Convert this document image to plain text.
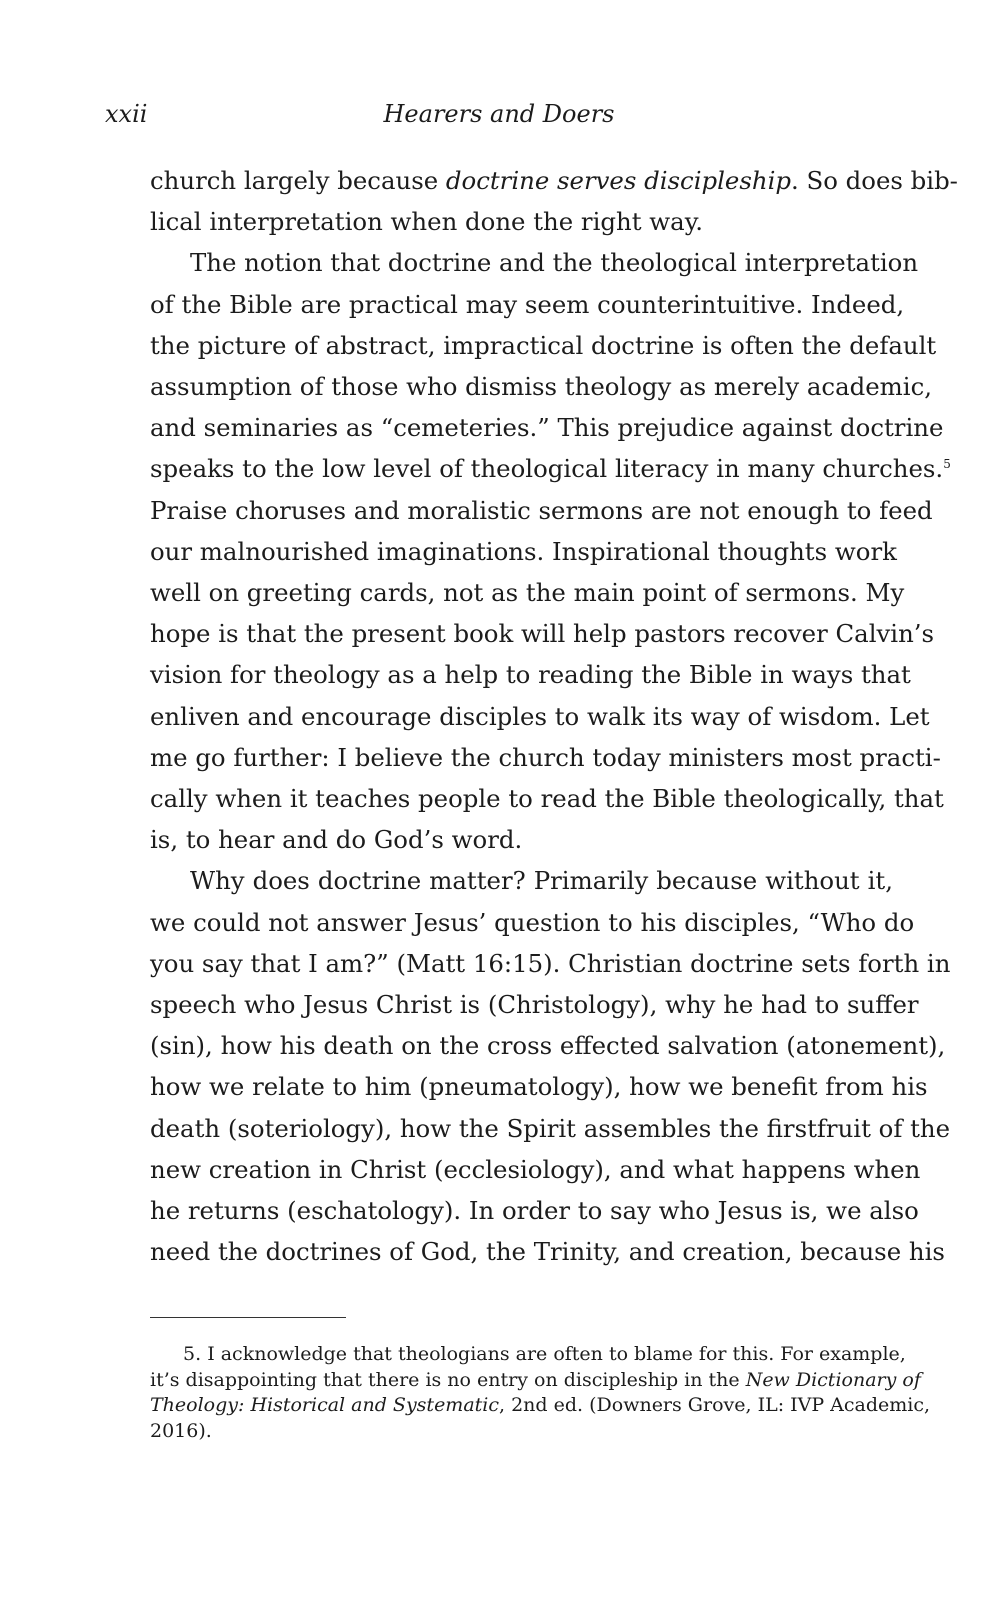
xxii	Hearers and Doers
church largely because doctrine serves discipleship. So does bib-
lical interpretation when done the right way.
The notion that doctrine and the theological interpretation
of the Bible are practical may seem counterintuitive. Indeed,
the picture of abstract, impractical doctrine is often the default
assumption of those who dismiss theology as merely academic,
and seminaries as “cemeteries.” This prejudice against doctrine
speaks to the low level of theological literacy in many churches.$^5$
Praise choruses and moralistic sermons are not enough to feed
our malnourished imaginations. Inspirational thoughts work
well on greeting cards, not as the main point of sermons. My
hope is that the present book will help pastors recover Calvin’s
vision for theology as a help to reading the Bible in ways that
enliven and encourage disciples to walk its way of wisdom. Let
me go further: I believe the church today ministers most practi-
cally when it teaches people to read the Bible theologically, that
is, to hear and do God’s word.
Why does doctrine matter? Primarily because without it,
we could not answer Jesus’ question to his disciples, “Who do
you say that I am?” (Matt 16:15). Christian doctrine sets forth in
speech who Jesus Christ is (Christology), why he had to suffer
(sin), how his death on the cross effected salvation (atonement),
how we relate to him (pneumatology), how we benefit from his
death (soteriology), how the Spirit assembles the firstfruit of the
new creation in Christ (ecclesiology), and what happens when
he returns (eschatology). In order to say who Jesus is, we also
need the doctrines of God, the Trinity, and creation, because his
5. I acknowledge that theologians are often to blame for this. For example,
it’s disappointing that there is no entry on discipleship in the New Dictionary of
Theology: Historical and Systematic, 2nd ed. (Downers Grove, IL: IVP Academic,
2016).
